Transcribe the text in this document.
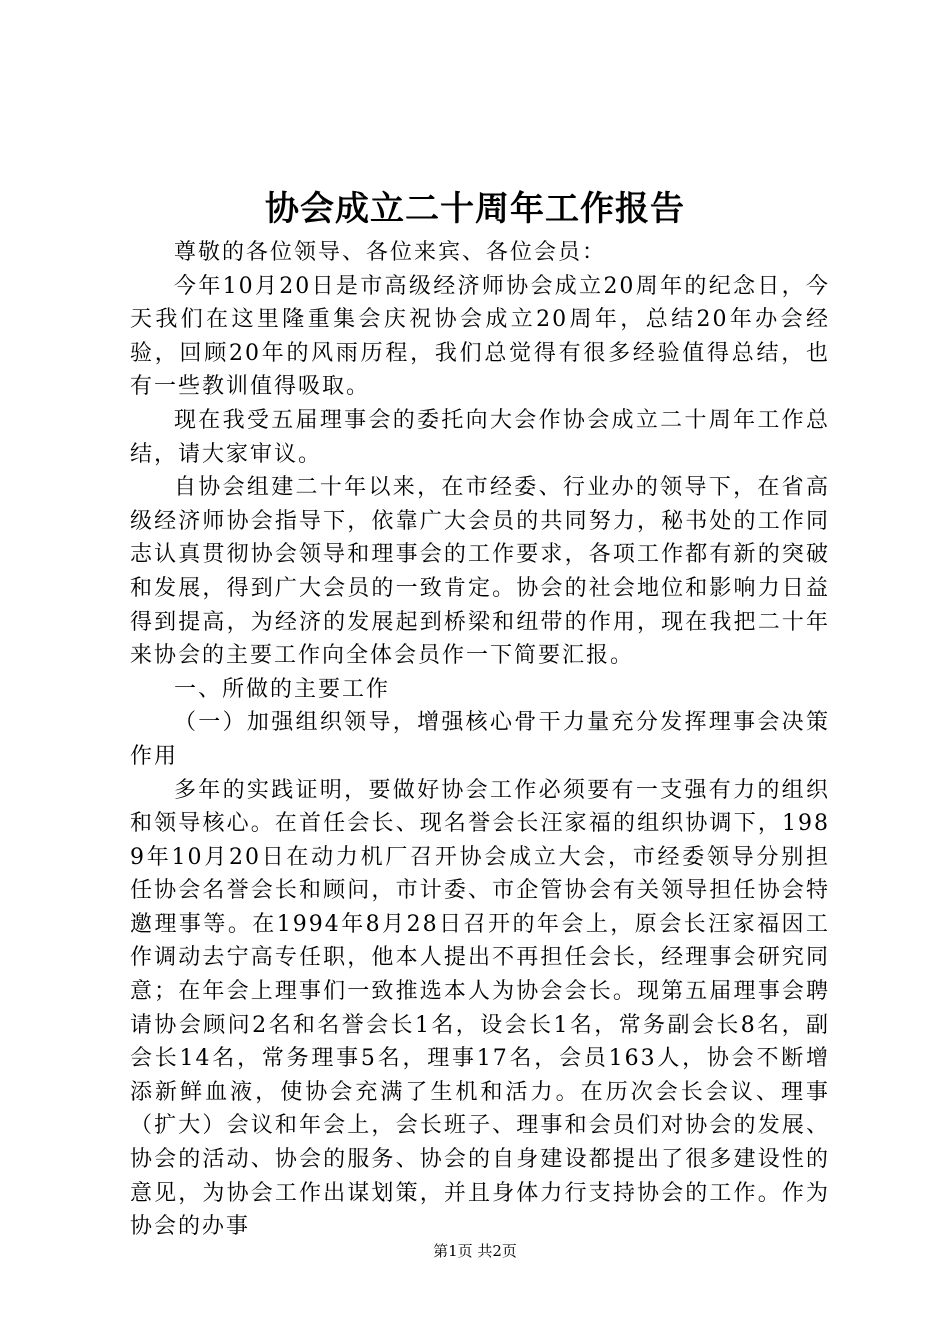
协会成立二十周年工作报告

尊敬的各位领导、各位来宾、各位会员：

今年10月20日是市高级经济师协会成立20周年的纪念日，今天我们在这里隆重集会庆祝协会成立20周年，总结20年办会经验，回顾20年的风雨历程，我们总觉得有很多经验值得总结，也有一些教训值得吸取。

现在我受五届理事会的委托向大会作协会成立二十周年工作总结，请大家审议。

自协会组建二十年以来，在市经委、行业办的领导下，在省高级经济师协会指导下，依靠广大会员的共同努力，秘书处的工作同志认真贯彻协会领导和理事会的工作要求，各项工作都有新的突破和发展，得到广大会员的一致肯定。协会的社会地位和影响力日益得到提高，为经济的发展起到桥梁和纽带的作用，现在我把二十年来协会的主要工作向全体会员作一下简要汇报。

一、所做的主要工作

（一）加强组织领导，增强核心骨干力量充分发挥理事会决策作用

多年的实践证明，要做好协会工作必须要有一支强有力的组织和领导核心。在首任会长、现名誉会长汪家福的组织协调下，1989年10月20日在动力机厂召开协会成立大会，市经委领导分别担任协会名誉会长和顾问，市计委、市企管协会有关领导担任协会特邀理事等。在1994年8月28日召开的年会上，原会长汪家福因工作调动去宁高专任职，他本人提出不再担任会长，经理事会研究同意；在年会上理事们一致推选本人为协会会长。现第五届理事会聘请协会顾问2名和名誉会长1名，设会长1名，常务副会长8名，副会长14名，常务理事5名，理事17名，会员163人，协会不断增添新鲜血液，使协会充满了生机和活力。在历次会长会议、理事（扩大）会议和年会上，会长班子、理事和会员们对协会的发展、协会的活动、协会的服务、协会的自身建设都提出了很多建设性的意见，为协会工作出谋划策，并且身体力行支持协会的工作。作为协会的办事

第1页 共2页
